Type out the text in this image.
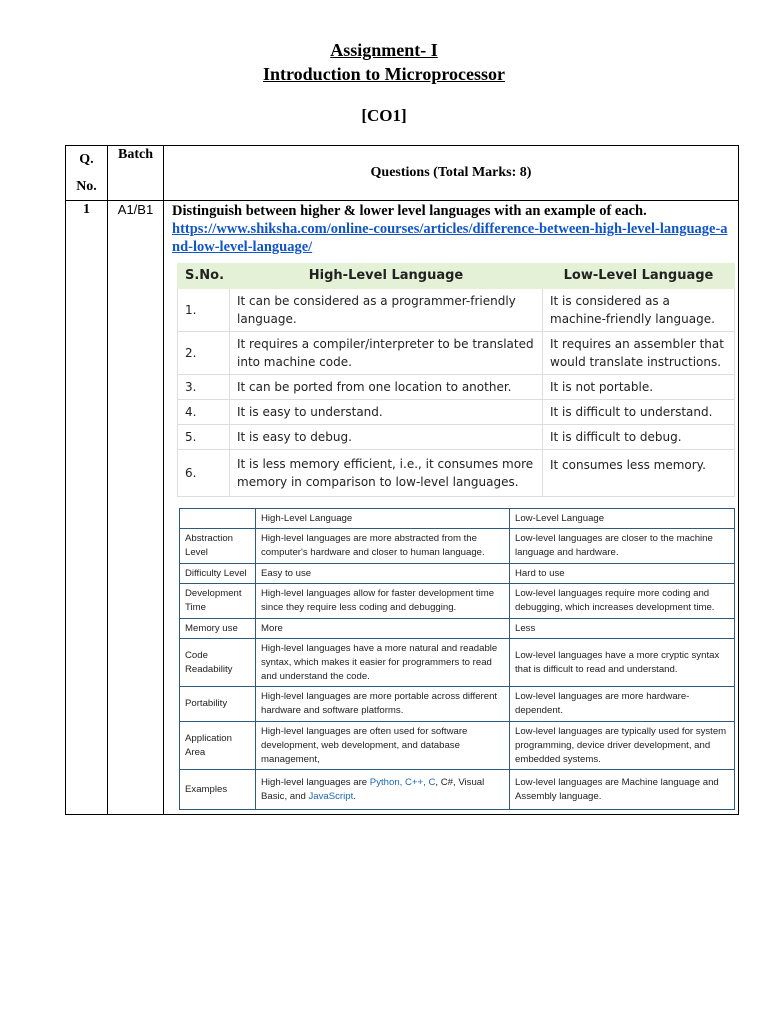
Assignment- I
Introduction to Microprocessor
[CO1]
Q.
No.
	Batch	Questions (Total Marks: 8)
1	A1/B1	Distinguish between higher & lower level languages with an example of each.
https://www.shiksha.com/online-courses/articles/difference-between-high-level-language-and-low-level-language/
S.No.	High-Level Language	Low-Level Language
1.	It can be considered as a programmer-friendly language.	It is considered as a machine-friendly language.
2.	It requires a compiler/interpreter to be translated into machine code.	It requires an assembler that would translate instructions.
3.	It can be ported from one location to another.	It is not portable.
4.	It is easy to understand.	It is difficult to understand.
5.	It is easy to debug.	It is difficult to debug.
6.	It is less memory efficient, i.e., it consumes more memory in comparison to low-level languages.	It consumes less memory.
	High-Level Language	Low-Level Language
Abstraction Level	High-level languages are more abstracted from the computer's hardware and closer to human language.	Low-level languages are closer to the machine language and hardware.
Difficulty Level	Easy to use	Hard to use
Development Time	High-level languages allow for faster development time since they require less coding and debugging.	Low-level languages require more coding and debugging, which increases development time.
Memory use	More	Less
Code Readability	High-level languages have a more natural and readable syntax, which makes it easier for programmers to read and understand the code.	Low-level languages have a more cryptic syntax that is difficult to read and understand.
Portability	High-level languages are more portable across different hardware and software platforms.	Low-level languages are more hardware-dependent.
Application Area	High-level languages are often used for software development, web development, and database management,	Low-level languages are typically used for system programming, device driver development, and embedded systems.
Examples	High-level languages are Python, C++, C, C#, Visual Basic, and JavaScript.	Low-level languages are Machine language and Assembly language.
